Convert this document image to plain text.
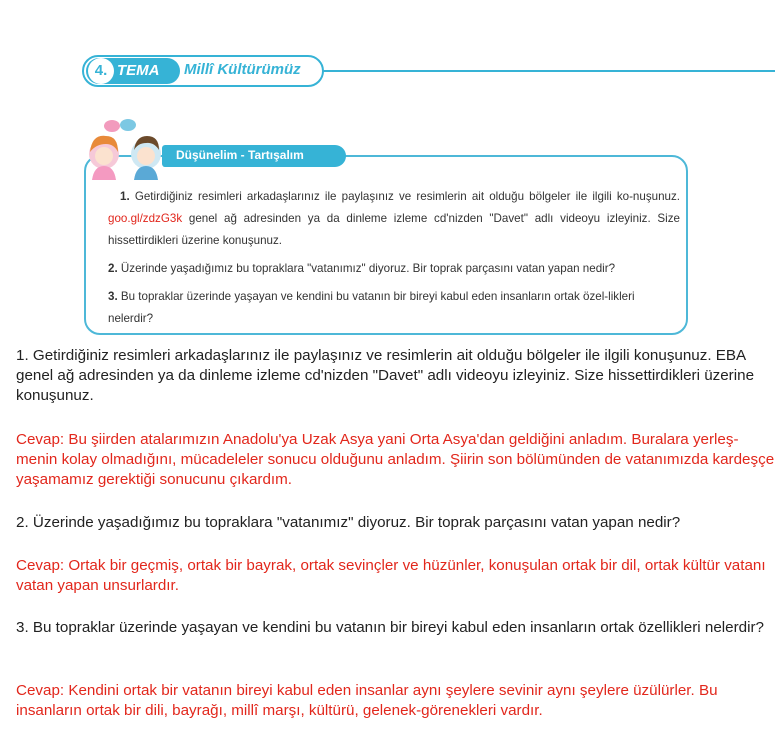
4. TEMA Millî Kültürümüz
Düşünelim - Tartışalım
1. Getirdiğiniz resimleri arkadaşlarınız ile paylaşınız ve resimlerin ait olduğu bölgeler ile ilgili ko-nuşunuz. goo.gl/zdzG3k genel ağ adresinden ya da dinleme izleme cd'nizden "Davet" adlı videoyu izleyiniz. Size hissettirdikleri üzerine konuşunuz.
2. Üzerinde yaşadığımız bu topraklara "vatanımız" diyoruz. Bir toprak parçasını vatan yapan nedir?
3. Bu topraklar üzerinde yaşayan ve kendini bu vatanın bir bireyi kabul eden insanların ortak özel-likleri nelerdir?
1. Getirdiğiniz resimleri arkadaşlarınız ile paylaşınız ve resimlerin ait olduğu bölgeler ile ilgili konuşunuz. EBA genel ağ adresinden ya da dinleme izleme cd'nizden "Davet" adlı videoyu izleyiniz. Size hissettirdikleri üzerine konuşunuz.
Cevap: Bu şiirden atalarımızın Anadolu'ya Uzak Asya yani Orta Asya'dan geldiğini anladım. Buralara yerleş-menin kolay olmadığını, mücadeleler sonucu olduğunu anladım. Şiirin son bölümünden de vatanımızda kardeşçe yaşamamız gerektiği sonucunu çıkardım.
2. Üzerinde yaşadığımız bu topraklara "vatanımız" diyoruz. Bir toprak parçasını vatan yapan nedir?
Cevap: Ortak bir geçmiş, ortak bir bayrak, ortak sevinçler ve hüzünler, konuşulan ortak bir dil, ortak kültür vatanı vatan yapan unsurlardır.
3. Bu topraklar üzerinde yaşayan ve kendini bu vatanın bir bireyi kabul eden insanların ortak özellikleri nelerdir?
Cevap: Kendini ortak bir vatanın bireyi kabul eden insanlar aynı şeylere sevinir aynı şeylere üzülürler. Bu insanların ortak bir dili, bayrağı, millî marşı, kültürü, gelenek-görenekleri vardır.
